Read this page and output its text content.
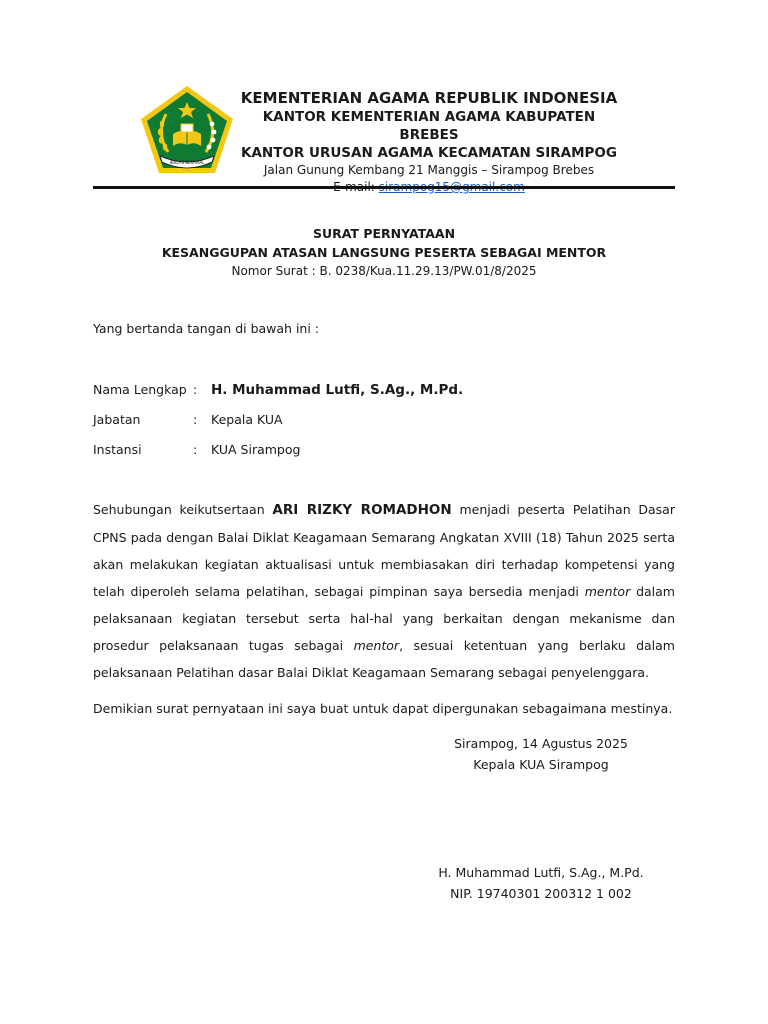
IKHLAS BERAMAL
KEMENTERIAN AGAMA REPUBLIK INDONESIA
KANTOR KEMENTERIAN AGAMA KABUPATEN BREBES
KANTOR URUSAN AGAMA KECAMATAN SIRAMPOG
Jalan Gunung Kembang 21 Manggis – Sirampog Brebes
SURAT PERNYATAAN
KESANGGUPAN ATASAN LANGSUNG PESERTA SEBAGAI MENTOR
Nomor Surat : B. 0238/Kua.11.29.13/PW.01/8/2025
Yang bertanda tangan di bawah ini :
Nama Lengkap : H. Muhammad Lutfi, S.Ag., M.Pd.
Jabatan	: Kepala KUA
Instansi	: KUA Sirampog

Sehubungan keikutsertaan ARI RIZKY ROMADHON menjadi peserta Pelatihan Dasar CPNS pada dengan Balai Diklat Keagamaan Semarang Angkatan XVIII (18) Tahun 2025 serta akan melakukan kegiatan aktualisasi untuk membiasakan diri terhadap kompetensi yang telah diperoleh selama pelatihan, sebagai pimpinan saya bersedia menjadi mentor dalam pelaksanaan kegiatan tersebut serta hal-hal yang berkaitan dengan mekanisme dan prosedur pelaksanaan tugas sebagai mentor, sesuai ketentuan yang berlaku dalam pelaksanaan Pelatihan dasar Balai Diklat Keagamaan Semarang sebagai penyelenggara.

Demikian surat pernyataan ini saya buat untuk dapat dipergunakan sebagaimana mestinya.

Sirampog, 14 Agustus 2025
Kepala KUA Sirampog
H. Muhammad Lutfi, S.Ag., M.Pd.
NIP. 19740301 200312 1 002
